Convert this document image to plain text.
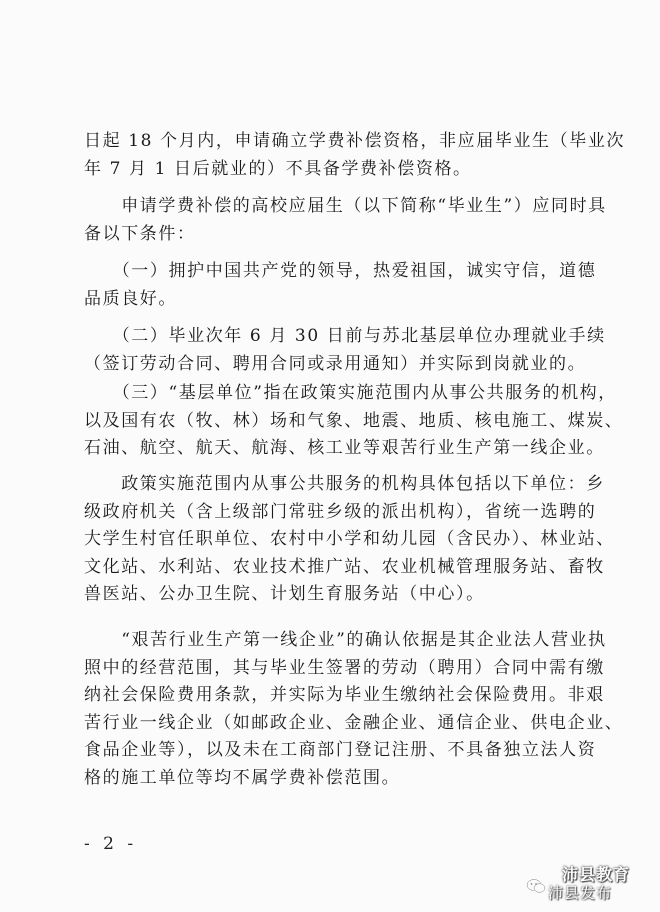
日起 18 个月内，申请确立学费补偿资格，非应届毕业生（毕业次
年 7 月 1 日后就业的）不具备学费补偿资格。

　　申请学费补偿的高校应届生（以下简称“毕业生”）应同时具
备以下条件：

　　（一）拥护中国共产党的领导，热爱祖国，诚实守信，道德
品质良好。

　　（二）毕业次年 6 月 30 日前与苏北基层单位办理就业手续
（签订劳动合同、聘用合同或录用通知）并实际到岗就业的。

　　（三）“基层单位”指在政策实施范围内从事公共服务的机构，
以及国有农（牧、林）场和气象、地震、地质、核电施工、煤炭、
石油、航空、航天、航海、核工业等艰苦行业生产第一线企业。

　　政策实施范围内从事公共服务的机构具体包括以下单位：乡
级政府机关（含上级部门常驻乡级的派出机构），省统一选聘的
大学生村官任职单位、农村中小学和幼儿园（含民办）、林业站、
文化站、水利站、农业技术推广站、农业机械管理服务站、畜牧
兽医站、公办卫生院、计划生育服务站（中心）。

　　“艰苦行业生产第一线企业”的确认依据是其企业法人营业执
照中的经营范围，其与毕业生签署的劳动（聘用）合同中需有缴
纳社会保险费用条款，并实际为毕业生缴纳社会保险费用。非艰
苦行业一线企业（如邮政企业、金融企业、通信企业、供电企业、
食品企业等），以及未在工商部门登记注册、不具备独立法人资
格的施工单位等均不属学费补偿范围。

- 2 -
沛县教育
沛县发布
